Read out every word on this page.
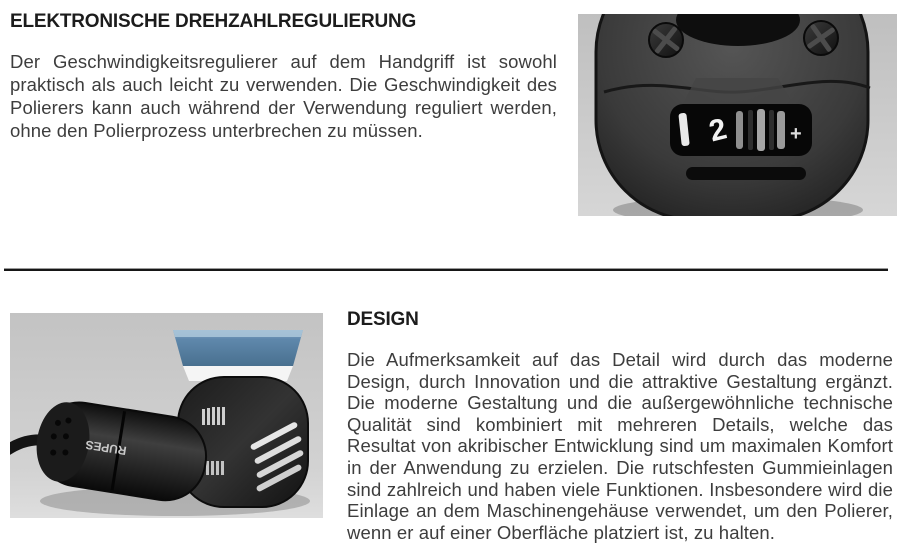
ELEKTRONISCHE DREHZAHLREGULIERUNG
Der Geschwindigkeitsregulierer auf dem Handgriff ist sowohl praktisch als auch leicht zu verwenden. Die Geschwindigkeit des Polierers kann auch während der Verwendung reguliert werden, ohne den Polierprozess unterbrechen zu müssen.	2	+
RUPES
DESIGN
Die Aufmerksamkeit auf das Detail wird durch das moderne Design, durch Innovation und die attraktive Gestaltung ergänzt. Die moderne Gestaltung und die außergewöhnliche technische Qualität sind kombiniert mit mehreren Details, welche das Resultat von akribischer Entwicklung sind um maximalen Komfort in der Anwendung zu erzielen. Die rutschfesten Gummieinlagen sind zahlreich und haben viele Funktionen. Insbesondere wird die Einlage an dem Maschinengehäuse verwendet, um den Polierer, wenn er auf einer Oberfläche platziert ist, zu halten.
